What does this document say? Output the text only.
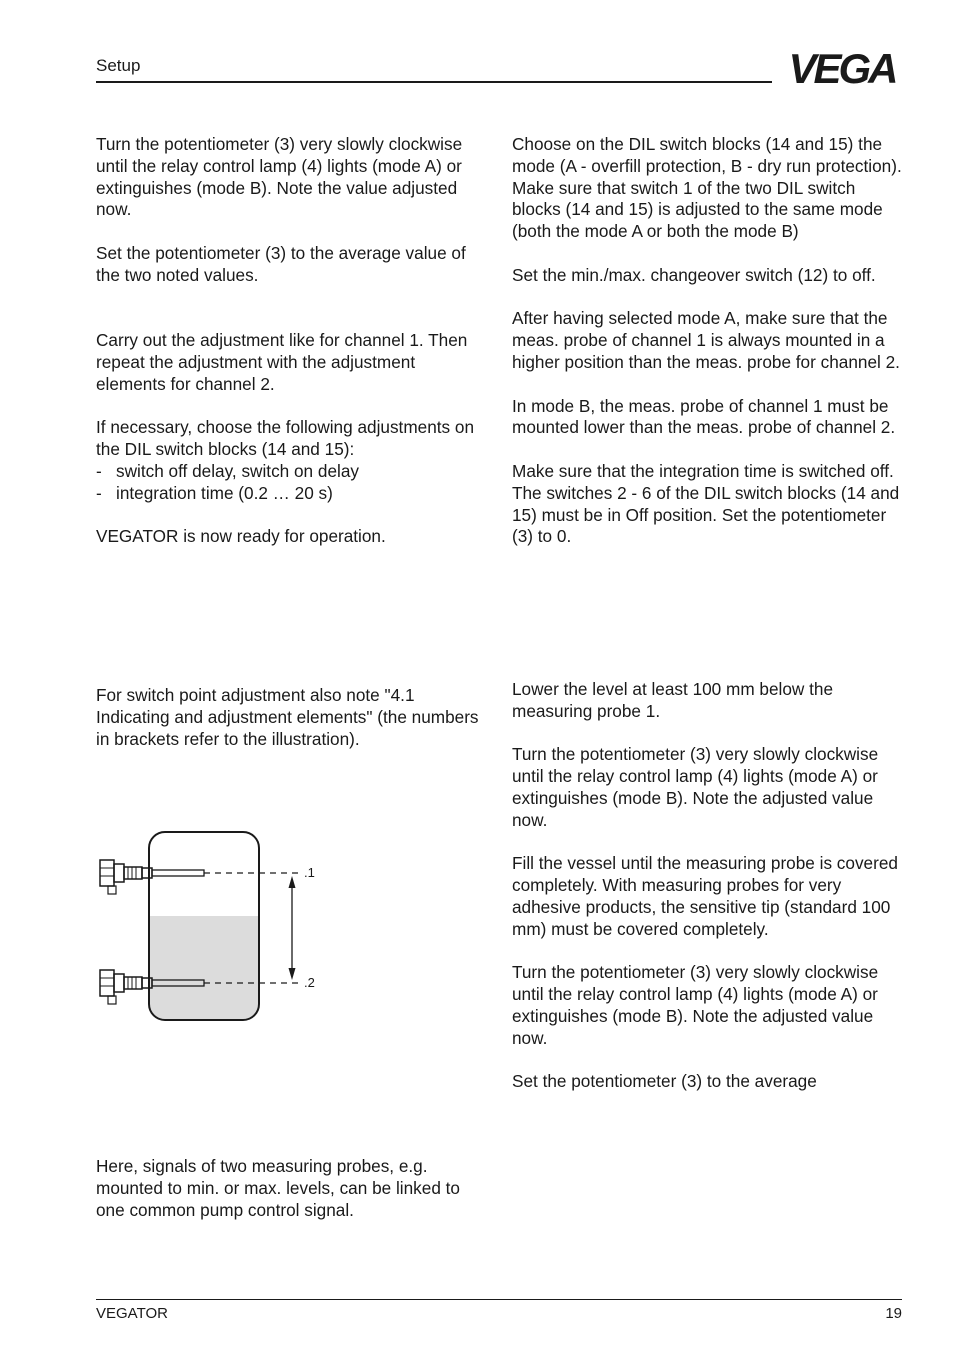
Setup	VEGA

Turn the potentiometer (3) very slowly clockwise until the relay control lamp (4) lights (mode A) or extinguishes (mode B). Note the value adjusted now.

Set the potentiometer (3) to the average value of the two noted values.

Carry out the adjustment like for channel 1. Then repeat the adjustment with the adjustment elements for channel 2.

If necessary, choose the following adjustments on the DIL switch blocks (14 and 15):

- switch off delay, switch on delay
- integration time (0.2 … 20 s)

VEGATOR is now ready for operation.

For switch point adjustment also note "4.1 Indicating and adjustment elements" (the numbers in brackets refer to the illustration).

.1
.2

Here, signals of two measuring probes, e.g. mounted to min. or max. levels, can be linked to one common pump control signal.

Choose on the DIL switch blocks (14 and 15) the mode (A - overfill protection, B - dry run protection). Make sure that switch 1 of the two DIL switch blocks (14 and 15) is adjusted to the same mode (both the mode A or both the mode B)

Set the min./max. changeover switch (12) to off.

After having selected mode A, make sure that the meas. probe of channel 1 is always mounted in a higher position than the meas. probe for channel 2.

In mode B, the meas. probe of channel 1 must be mounted lower than the meas. probe of channel 2.

Make sure that the integration time is switched off. The switches 2 - 6 of the DIL switch blocks (14 and 15) must be in Off position. Set the potentiometer (3) to 0.

Lower the level at least 100 mm below the measuring probe 1.

Turn the potentiometer (3) very slowly clockwise until the relay control lamp (4) lights (mode A) or extinguishes (mode B). Note the adjusted value now.

Fill the vessel until the measuring probe is covered completely. With measuring probes for very adhesive products, the sensitive tip (standard 100 mm) must be covered completely.

Turn the potentiometer (3) very slowly clockwise until the relay control lamp (4) lights (mode A) or extinguishes (mode B). Note the adjusted value now.

Set the potentiometer (3) to the average

VEGATOR	19
